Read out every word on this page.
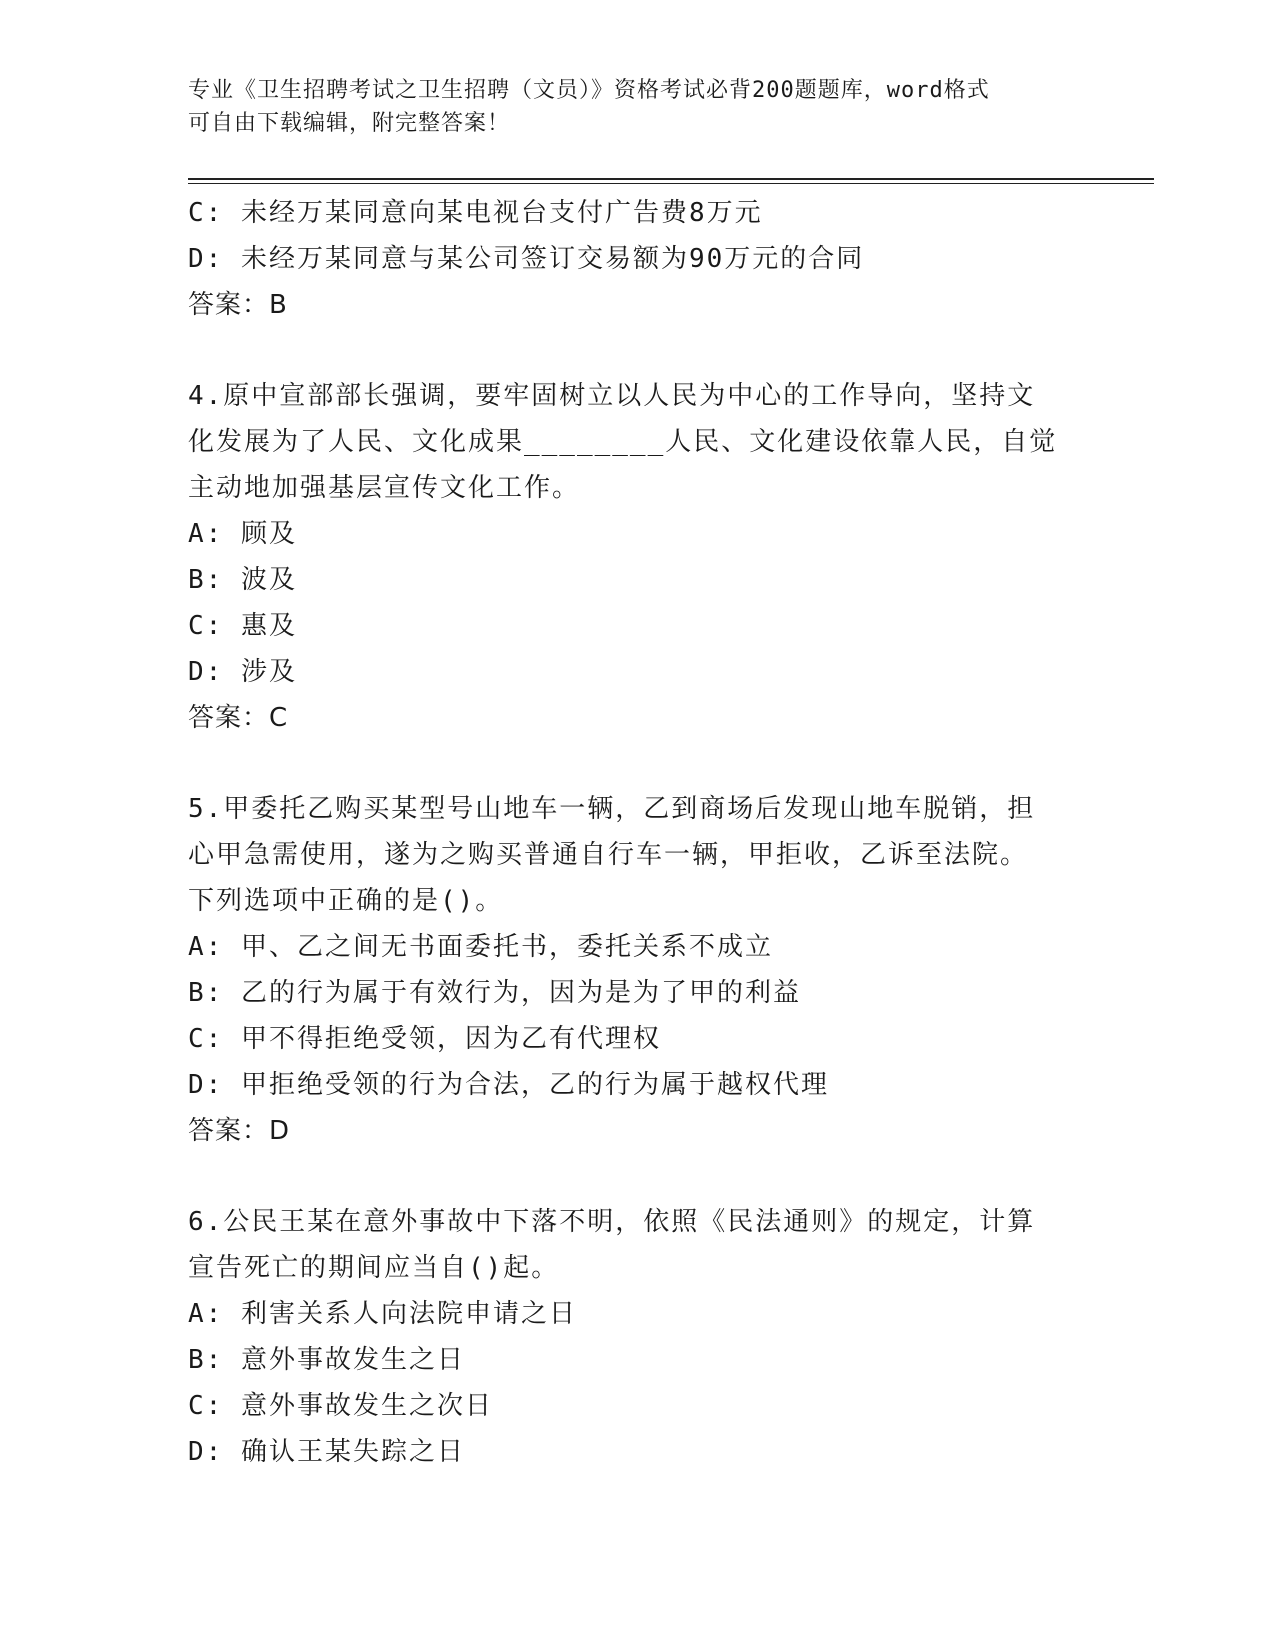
专业《卫生招聘考试之卫生招聘（文员）》资格考试必背200题题库，word格式
可自由下载编辑，附完整答案！
C: 未经万某同意向某电视台支付广告费8万元
D: 未经万某同意与某公司签订交易额为90万元的合同
答案：B
4.原中宣部部长强调，要牢固树立以人民为中心的工作导向，坚持文
化发展为了人民、文化成果________人民、文化建设依靠人民，自觉
主动地加强基层宣传文化工作。
A: 顾及
B: 波及
C: 惠及
D: 涉及
答案：C
5.甲委托乙购买某型号山地车一辆，乙到商场后发现山地车脱销，担
心甲急需使用，遂为之购买普通自行车一辆，甲拒收，乙诉至法院。
下列选项中正确的是()。
A: 甲、乙之间无书面委托书，委托关系不成立
B: 乙的行为属于有效行为，因为是为了甲的利益
C: 甲不得拒绝受领，因为乙有代理权
D: 甲拒绝受领的行为合法，乙的行为属于越权代理
答案：D
6.公民王某在意外事故中下落不明，依照《民法通则》的规定，计算
宣告死亡的期间应当自()起。
A: 利害关系人向法院申请之日
B: 意外事故发生之日
C: 意外事故发生之次日
D: 确认王某失踪之日
